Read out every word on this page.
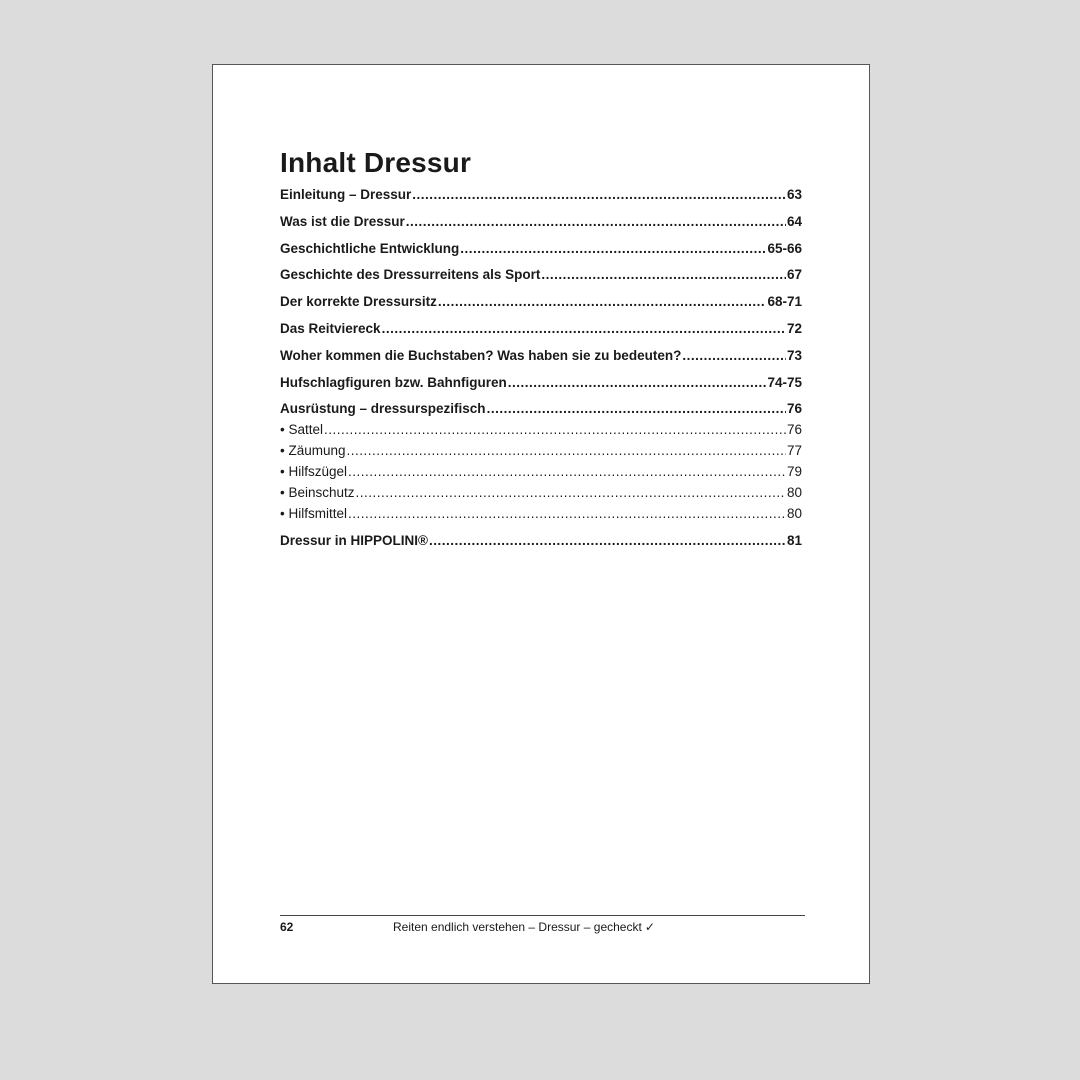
Inhalt Dressur
Einleitung – Dressur .....	63
Was ist die Dressur .....	64
Geschichtliche Entwicklung .....	65-66
Geschichte des Dressurreitens als Sport .....	67
Der korrekte Dressursitz .....	68-71
Das Reitviereck .....	72
Woher kommen die Buchstaben? Was haben sie zu bedeuten? .....	73
Hufschlagfiguren bzw. Bahnfiguren .....	74-75
Ausrüstung – dressurspezifisch .....	76
• Sattel .....	76
• Zäumung .....	77
• Hilfszügel .....	79
• Beinschutz .....	80
• Hilfsmittel .....	80
Dressur in HIPPOLINI® .....	81
62	Reiten endlich verstehen – Dressur – gecheckt ✓
